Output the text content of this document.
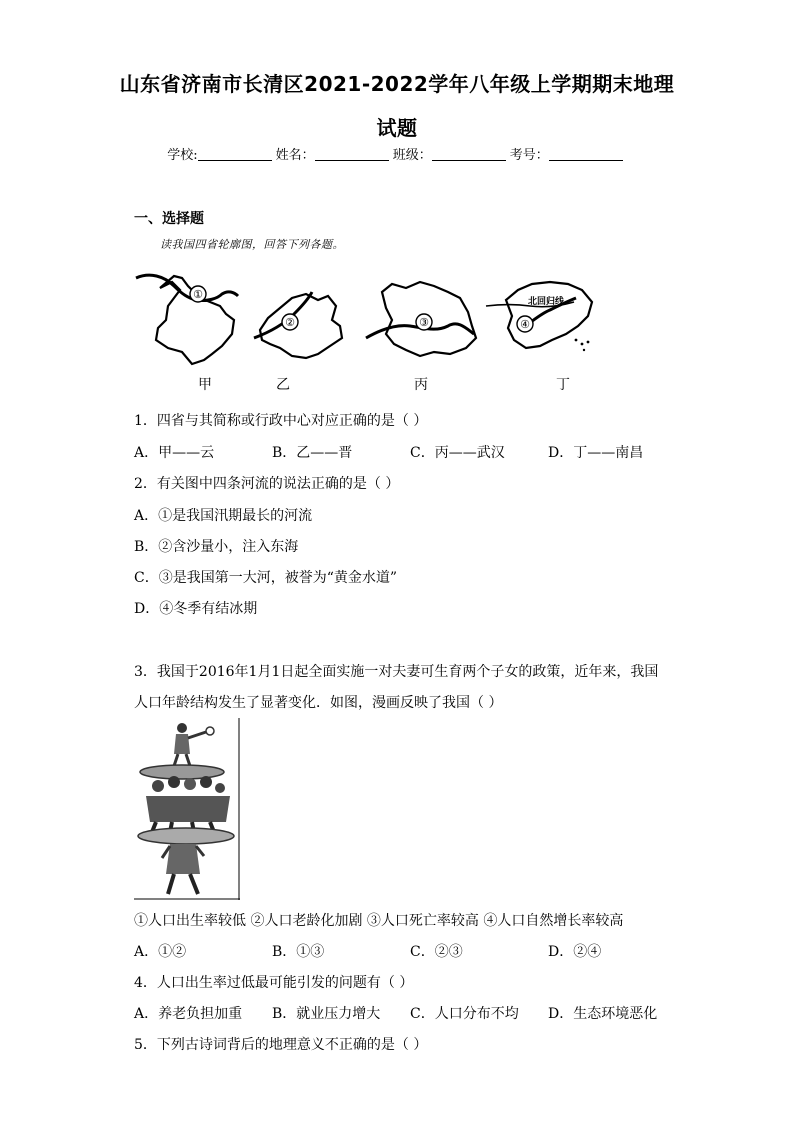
山东省济南市长清区2021-2022学年八年级上学期期末地理
试题
学校:	姓名：	班级：	考号：
一、选择题
读我国四省轮廓图，回答下列各题。
①
②	③
北回归线
④
甲	乙	丙	丁
1．四省与其简称或行政中心对应正确的是（ ）
A．甲——云	B．乙——晋	C．丙——武汉	D．丁——南昌
2．有关图中四条河流的说法正确的是（ ）
A．①是我国汛期最长的河流
B．②含沙量小，注入东海
C．③是我国第一大河，被誉为“黄金水道”
D．④冬季有结冰期
3．我国于2016年1月1日起全面实施一对夫妻可生育两个子女的政策，近年来，我国
人口年龄结构发生了显著变化．如图，漫画反映了我国（ ）
①人口出生率较低 ②人口老龄化加剧 ③人口死亡率较高 ④人口自然增长率较高
A．①②	B．①③	C．②③	D．②④
4．人口出生率过低最可能引发的问题有（ ）
A．养老负担加重 B．就业压力增大 C．人口分布不均 D．生态环境恶化
5．下列古诗词背后的地理意义不正确的是（ ）
